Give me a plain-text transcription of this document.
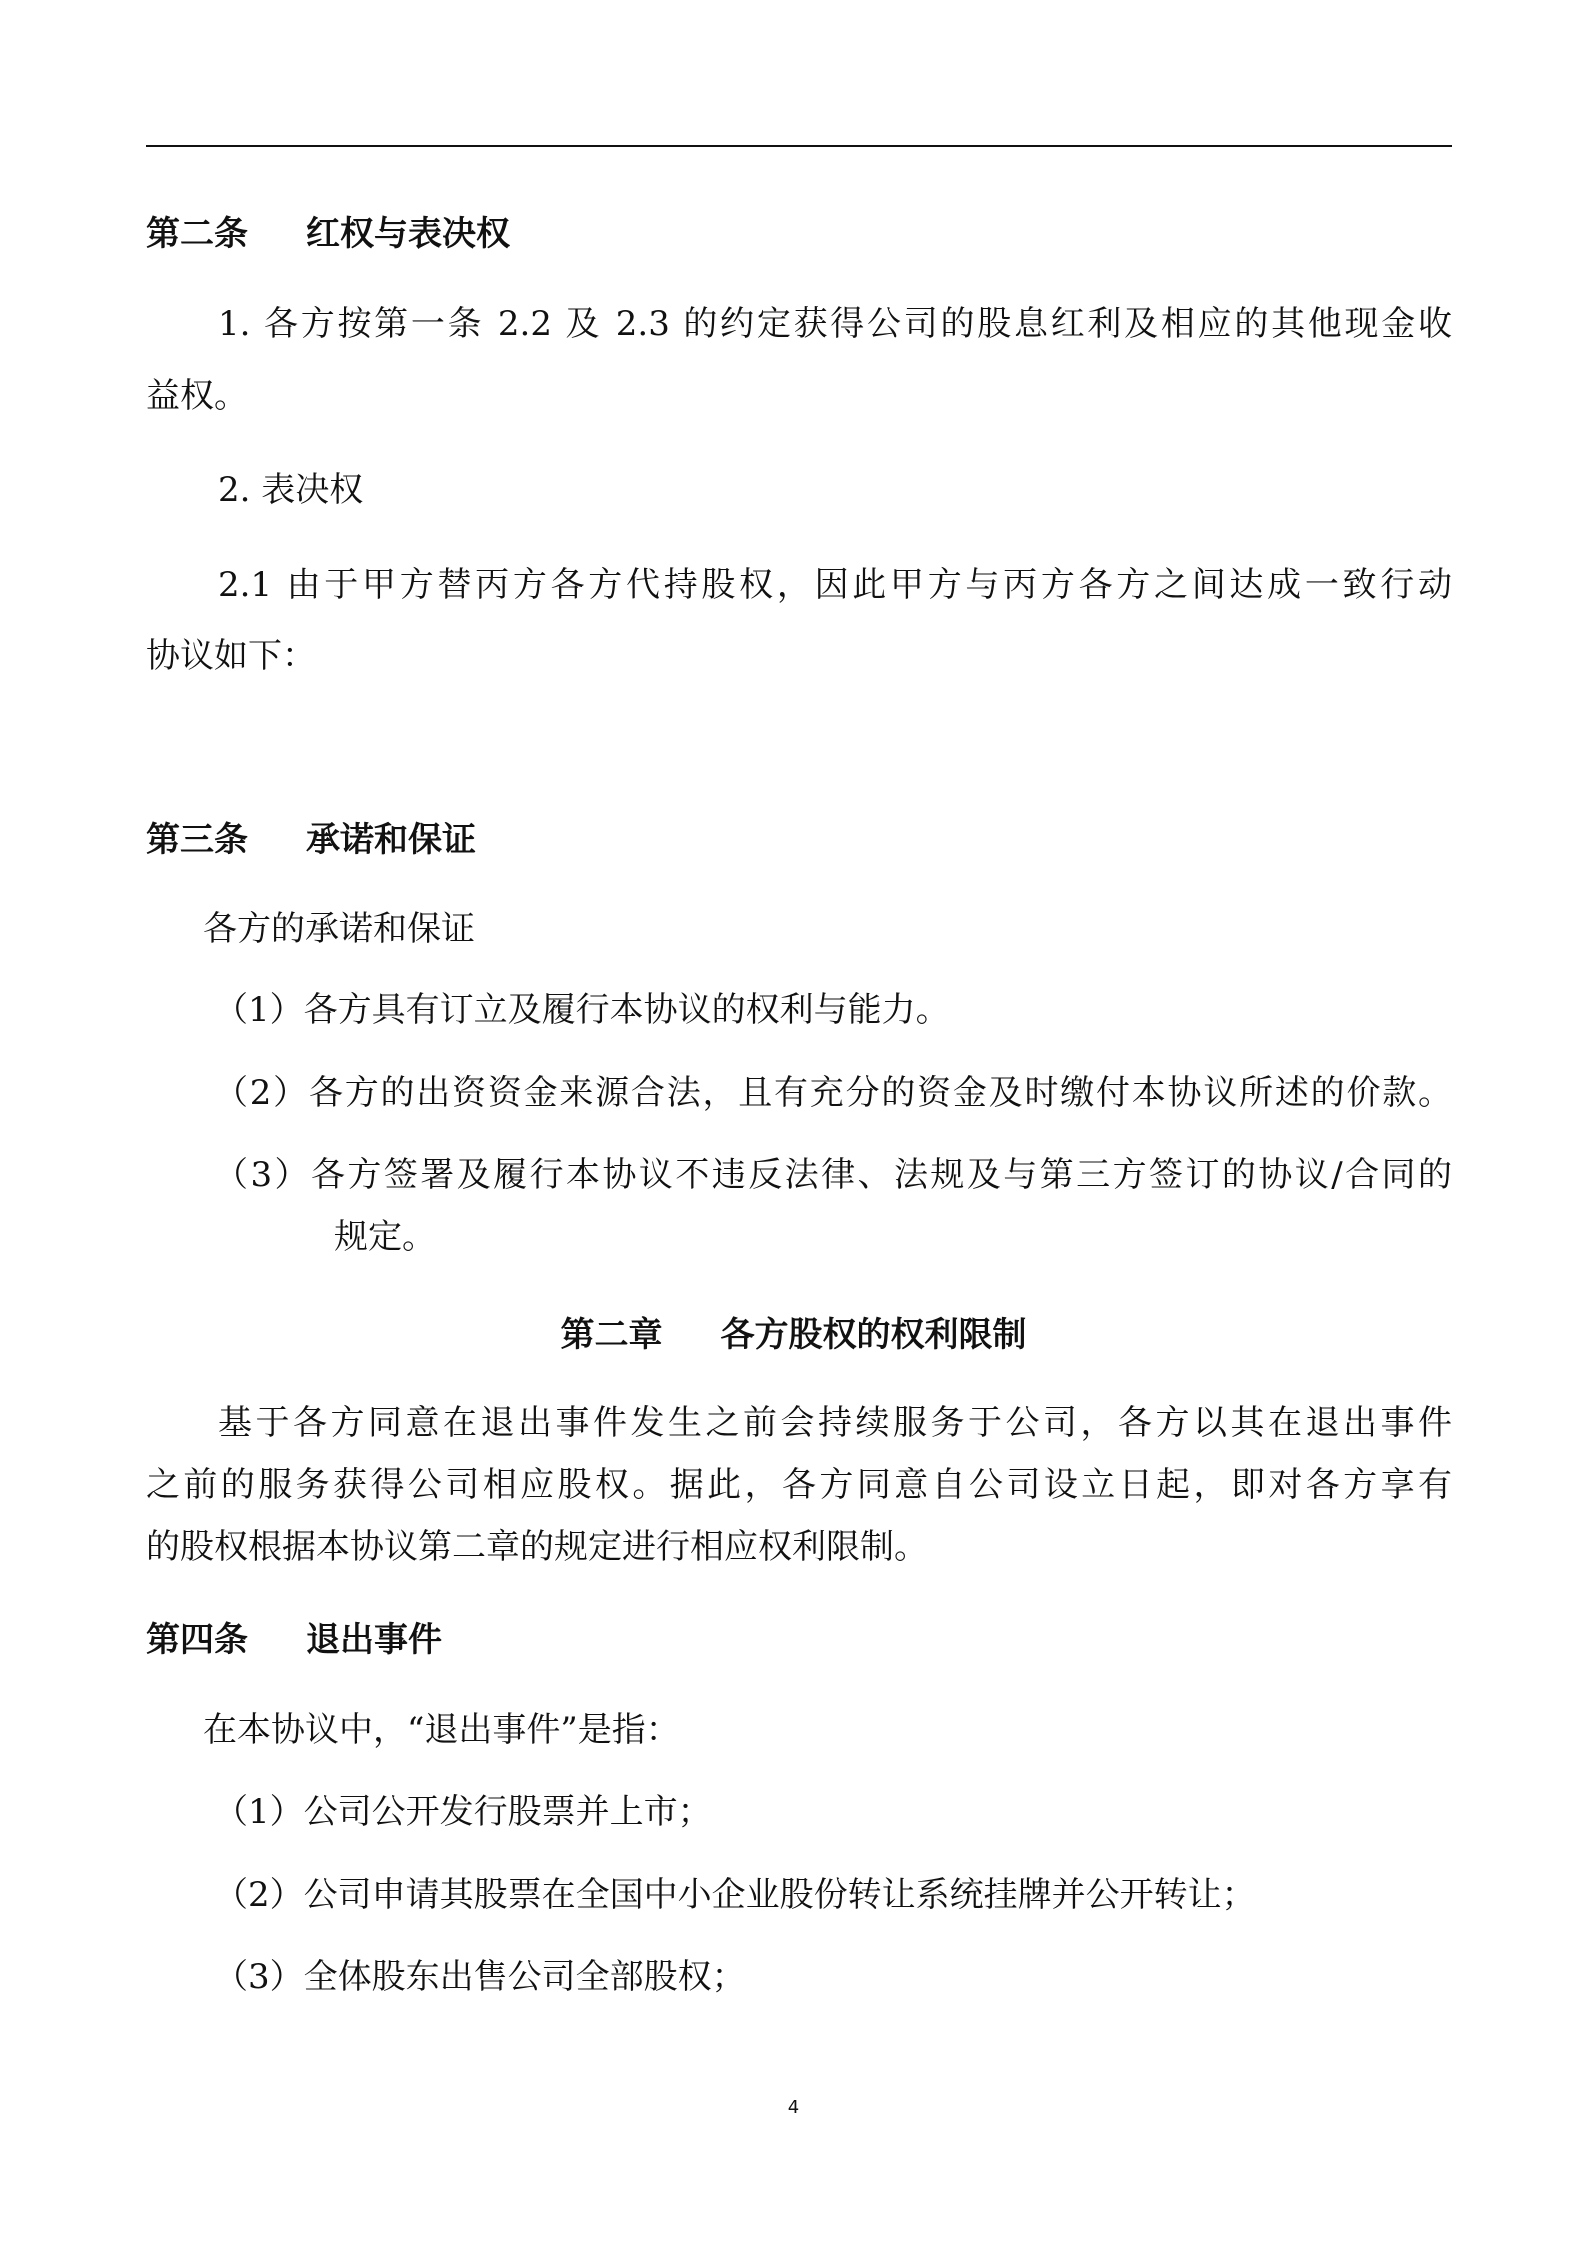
第二条 红权与表决权
1. 各方按第一条 2.2 及 2.3 的约定获得公司的股息红利及相应的其他现金收
益权。
2. 表决权
2.1 由于甲方替丙方各方代持股权，因此甲方与丙方各方之间达成一致行动
协议如下：
第三条 承诺和保证
各方的承诺和保证
（1）各方具有订立及履行本协议的权利与能力。
（2）各方的出资资金来源合法，且有充分的资金及时缴付本协议所述的价款。
（3）各方签署及履行本协议不违反法律、法规及与第三方签订的协议/合同的
规定。
第二章 各方股权的权利限制
基于各方同意在退出事件发生之前会持续服务于公司，各方以其在退出事件
之前的服务获得公司相应股权。据此，各方同意自公司设立日起，即对各方享有
的股权根据本协议第二章的规定进行相应权利限制。
第四条 退出事件
在本协议中，“退出事件”是指：
（1）公司公开发行股票并上市；
（2）公司申请其股票在全国中小企业股份转让系统挂牌并公开转让；
（3）全体股东出售公司全部股权；
4
